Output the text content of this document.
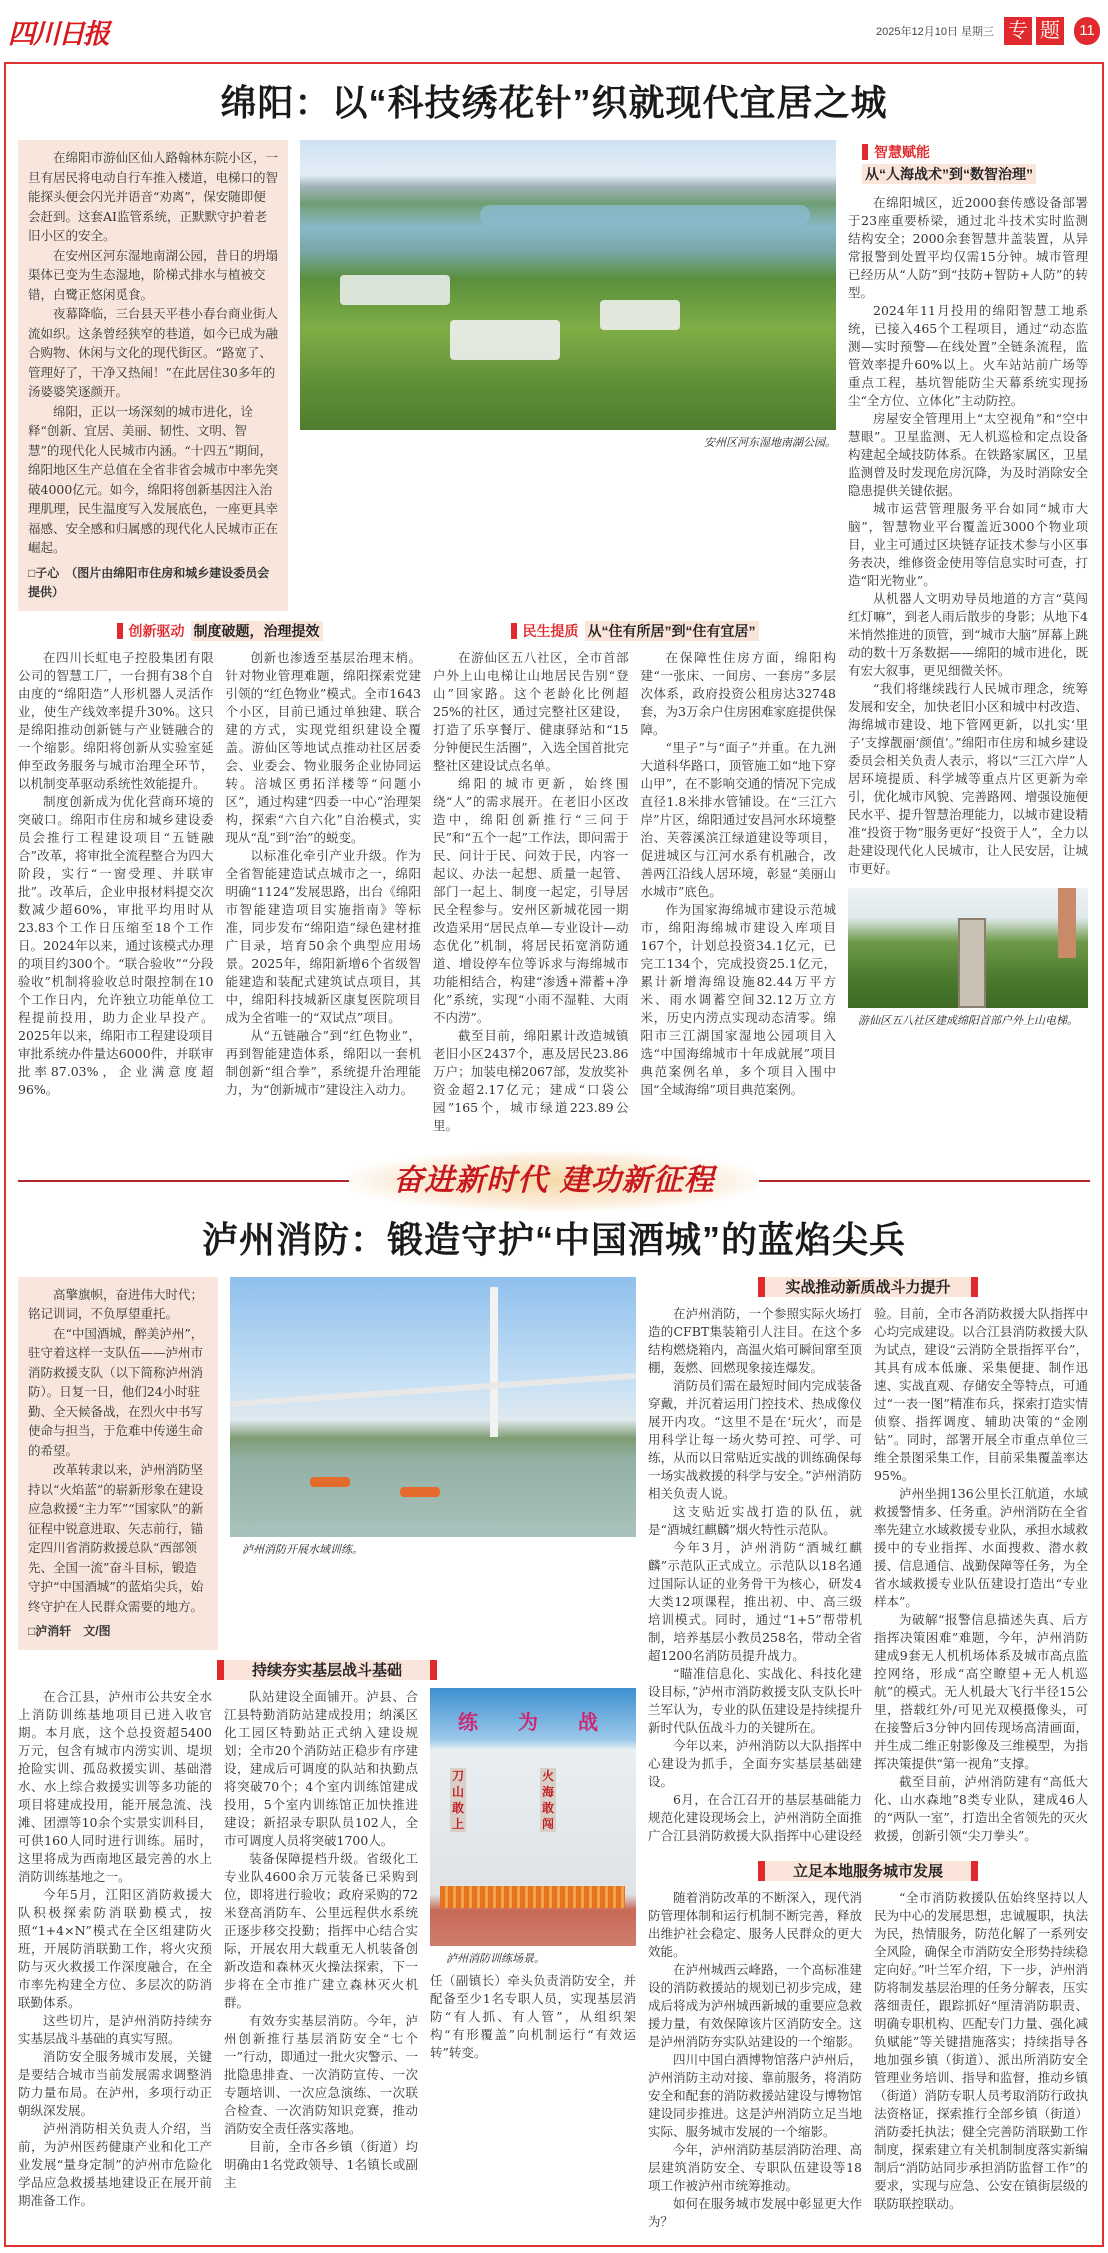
四川日报	2025年12月10日 星期三 专 题	11
绵阳：以“科技绣花针”织就现代宜居之城

在绵阳市游仙区仙人路翰林东院小区，一旦有居民将电动自行车推入楼道，电梯口的智能探头便会闪光并语音“劝离”，保安随即便会赶到。这套AI监管系统，正默默守护着老旧小区的安全。

在安州区河东湿地南湖公园，昔日的坍塌渠体已变为生态湿地，阶梯式排水与植被交错，白鹭正悠闲觅食。

夜幕降临，三台县天平巷小春台商业街人流如织。这条曾经狭窄的巷道，如今已成为融合购物、休闲与文化的现代街区。“路宽了、管理好了，干净又热闹！”在此居住30多年的汤婆婆笑逐颜开。

绵阳，正以一场深刻的城市进化，诠释“创新、宜居、美丽、韧性、文明、智慧”的现代化人民城市内涵。“十四五”期间，绵阳地区生产总值在全省非省会城市中率先突破4000亿元。如今，绵阳将创新基因注入治理肌理，民生温度写入发展底色，一座更具幸福感、安全感和归属感的现代化人民城市正在崛起。

□子心　（图片由绵阳市住房和城乡建设委员会提供）

安州区河东湿地南湖公园。
创新驱动 制度破题，治理提效

在四川长虹电子控股集团有限公司的智慧工厂，一台拥有38个自由度的“绵阳造”人形机器人灵活作业，使生产线效率提升30%。这只是绵阳推动创新链与产业链融合的一个缩影。绵阳将创新从实验室延伸至政务服务与城市治理全环节，以机制变革驱动系统性效能提升。

制度创新成为优化营商环境的突破口。绵阳市住房和城乡建设委员会推行工程建设项目“五链融合”改革，将审批全流程整合为四大阶段，实行“一窗受理、并联审批”。改革后，企业申报材料提交次数减少超60%，审批平均用时从23.83个工作日压缩至18个工作日。2024年以来，通过该模式办理的项目约300个。“联合验收”“分段验收”机制将验收总时限控制在10个工作日内，允许独立功能单位工程提前投用，助力企业早投产。2025年以来，绵阳市工程建设项目审批系统办件量达6000件，并联审批率87.03%，企业满意度超96%。

创新也渗透至基层治理末梢。针对物业管理难题，绵阳探索党建引领的“红色物业”模式。全市1643个小区，目前已通过单独建、联合建的方式，实现党组织建设全覆盖。游仙区等地试点推动社区居委会、业委会、物业服务企业协同运转。涪城区勇拓洋楼等“问题小区”，通过构建“四委一中心”治理架构，探索“六自六化”自治模式，实现从“乱”到“治”的蜕变。

以标准化牵引产业升级。作为全省智能建造试点城市之一，绵阳明确“1124”发展思路，出台《绵阳市智能建造项目实施指南》等标准，同步发布“绵阳造”绿色建材推广目录，培育50余个典型应用场景。2025年，绵阳新增6个省级智能建造和装配式建筑试点项目，其中，绵阳科技城新区康复医院项目成为全省唯一的“双试点”项目。

从“五链融合”到“红色物业”，再到智能建造体系，绵阳以一套机制创新“组合拳”，系统提升治理能力，为“创新城市”建设注入动力。

民生提质 从“住有所居”到“住有宜居”

在游仙区五八社区，全市首部户外上山电梯让山地居民告别“登山”回家路。这个老龄化比例超25%的社区，通过完整社区建设，打造了乐享餐厅、健康驿站和“15分钟便民生活圈”，入选全国首批完整社区建设试点名单。

绵阳的城市更新，始终围绕“人”的需求展开。在老旧小区改造中，绵阳创新推行“三问于民”和“五个一起”工作法，即问需于民、问计于民、问效于民，内容一起议、办法一起想、质量一起管、部门一起上、制度一起定，引导居民全程参与。安州区新城花园一期改造采用“居民点单—专业设计—动态优化”机制，将居民拓宽消防通道、增设停车位等诉求与海绵城市功能相结合，构建“渗透+滞蓄+净化”系统，实现“小雨不湿鞋、大雨不内涝”。

截至目前，绵阳累计改造城镇老旧小区2437个，惠及居民23.86万户；加装电梯2067部，发放奖补资金超2.17亿元；建成“口袋公园”165个，城市绿道223.89公里。

在保障性住房方面，绵阳构建“一张床、一间房、一套房”多层次体系，政府投资公租房达32748套，为3万余户住房困难家庭提供保障。

“里子”与“面子”并重。在九洲大道科华路口，顶管施工如“地下穿山甲”，在不影响交通的情况下完成直径1.8米排水管铺设。在“三江六岸”片区，绵阳通过安昌河水环境整治、芙蓉溪滨江绿道建设等项目，促进城区与江河水系有机融合，改善两江沿线人居环境，彰显“美丽山水城市”底色。

作为国家海绵城市建设示范城市，绵阳海绵城市建设入库项目167个，计划总投资34.1亿元，已完工134个，完成投资25.1亿元，累计新增海绵设施82.44万平方米、雨水调蓄空间32.12万立方米，历史内涝点实现动态清零。绵阳市三江湖国家湿地公园项目入选“中国海绵城市十年成就展”项目典范案例名单，多个项目入围中国“全域海绵”项目典范案例。

智慧赋能
从“人海战术”到“数智治理”

在绵阳城区，近2000套传感设备部署于23座重要桥梁，通过北斗技术实时监测结构安全；2000余套智慧井盖装置，从异常报警到处置平均仅需15分钟。城市管理已经历从“人防”到“技防+智防+人防”的转型。

2024年11月投用的绵阳智慧工地系统，已接入465个工程项目，通过“动态监测—实时预警—在线处置”全链条流程，监管效率提升60%以上。火车站站前广场等重点工程，基坑智能防尘天幕系统实现扬尘“全方位、立体化”主动防控。

房屋安全管理用上“太空视角”和“空中慧眼”。卫星监测、无人机巡检和定点设备构建起全域技防体系。在铁路家属区，卫星监测曾及时发现危房沉降，为及时消除安全隐患提供关键依据。

城市运营管理服务平台如同“城市大脑”，智慧物业平台覆盖近3000个物业项目，业主可通过区块链存证技术参与小区事务表决，维修资金使用等信息实时可查，打造“阳光物业”。

从机器人文明劝导员地道的方言“莫闯红灯嘛”，到老人雨后散步的身影；从地下4米悄然推进的顶管，到“城市大脑”屏幕上跳动的数十万条数据——绵阳的城市进化，既有宏大叙事，更见细微关怀。

“我们将继续践行人民城市理念，统筹发展和安全，加快老旧小区和城中村改造、海绵城市建设、地下管网更新，以扎实‘里子’支撑靓丽‘颜值’。”绵阳市住房和城乡建设委员会相关负责人表示，将以“三江六岸”人居环境提质、科学城等重点片区更新为牵引，优化城市风貌、完善路网、增强设施便民水平、提升智慧治理能力，以城市建设精准“投资于物”服务更好“投资于人”，全力以赴建设现代化人民城市，让人民安居，让城市更好。

游仙区五八社区建成绵阳首部户外上山电梯。
奋进新时代 建功新征程
泸州消防：锻造守护“中国酒城”的蓝焰尖兵

高擎旗帜，奋进伟大时代；铭记训词，不负厚望重托。

在“中国酒城，醉美泸州”，驻守着这样一支队伍——泸州市消防救援支队（以下简称泸州消防）。日复一日，他们24小时驻勤、全天候备战，在烈火中书写使命与担当，于危难中传递生命的希望。

改革转隶以来，泸州消防坚持以“火焰蓝”的崭新形象在建设应急救援“主力军”“国家队”的新征程中锐意进取、矢志前行，锚定四川省消防救援总队“西部领先、全国一流”奋斗目标，锻造守护“中国酒城”的蓝焰尖兵，始终守护在人民群众需要的地方。

□泸消轩　文/图

泸州消防开展水域训练。
持续夯实基层战斗基础

在合江县，泸州市公共安全水上消防训练基地项目已进入收官期。本月底，这个总投资超5400万元，包含有城市内涝实训、堤坝抢险实训、孤岛救援实训、基础潜水、水上综合救援实训等多功能的项目将建成投用，能开展急流、浅滩、团漂等10余个实景实训科目，可供160人同时进行训练。届时，这里将成为西南地区最完善的水上消防训练基地之一。

今年5月，江阳区消防救援大队积极探索防消联勤模式，按照“1+4×N”模式在全区组建防火班，开展防消联勤工作，将火灾预防与灭火救援工作深度融合，在全市率先构建全方位、多层次的防消联勤体系。

这些切片，是泸州消防持续夯实基层战斗基础的真实写照。

消防安全服务城市发展，关键是要结合城市当前发展需求调整消防力量布局。在泸州，多项行动正朝纵深发展。

泸州消防相关负责人介绍，当前，为泸州医药健康产业和化工产业发展“量身定制”的泸州市危险化学品应急救援基地建设正在展开前期准备工作。

队站建设全面铺开。泸县、合江县特勤消防站建成投用；纳溪区化工园区特勤站正式纳入建设规划；全市20个消防站正稳步有序建设，建成后可调度的队站和执勤点将突破70个；4个室内训练馆建成投用，5个室内训练馆正加快推进建设；新招录专职队员102人，全市可调度人员将突破1700人。

装备保障提档升级。省级化工专业队4600余万元装备已采购到位，即将进行验收；政府采购的72米登高消防车、公里远程供水系统正逐步移交投勤；指挥中心结合实际，开展农用大载重无人机装备创新改造和森林灭火操法探索，下一步将在全市推广建立森林灭火机群。

有效夯实基层消防。今年，泸州创新推行基层消防安全“七个一”行动，即通过一批火灾警示、一批隐患排查、一次消防宣传、一次专题培训、一次应急演练、一次联合检查、一次消防知识竞赛，推动消防安全责任落实落地。

目前，全市各乡镇（街道）均明确由1名党政领导、1名镇长或副主

练 为 战
刀山敢上
火海敢闯
泸州消防训练场景。
任（副镇长）牵头负责消防安全，并配备至少1名专职人员，实现基层消防“有人抓、有人管”，从组织架构“有形覆盖”向机制运行“有效运转”转变。
实战推动新质战斗力提升

在泸州消防，一个参照实际火场打造的CFBT集装箱引人注目。在这个多结构燃烧箱内，高温火焰可瞬间窜至顶棚，轰燃、回燃现象接连爆发。

消防员们需在最短时间内完成装备穿戴，并沉着运用门控技术、热成像仪展开内攻。“这里不是在‘玩火’，而是用科学让每一场火势可控、可学、可练，从而以日常贴近实战的训练确保每一场实战救援的科学与安全。”泸州消防相关负责人说。

这支贴近实战打造的队伍，就是“酒城红麒麟”烟火特性示范队。

今年3月，泸州消防“酒城红麒麟”示范队正式成立。示范队以18名通过国际认证的业务骨干为核心，研发4大类12项课程，推出初、中、高三级培训模式。同时，通过“1+5”帮带机制，培养基层小教员258名，带动全省超1200名消防员提升战力。

“瞄准信息化、实战化、科技化建设目标，”泸州市消防救援支队支队长叶兰军认为，专业的队伍建设是持续提升新时代队伍战斗力的关键所在。

今年以来，泸州消防以大队指挥中心建设为抓手，全面夯实基层基础建设。

6月，在合江召开的基层基础能力规范化建设现场会上，泸州消防全面推广合江县消防救援大队指挥中心建设经验。目前，全市各消防救援大队指挥中心均完成建设。以合江县消防救援大队为试点，建设“云消防全景指挥平台”，其具有成本低廉、采集便捷、制作迅速、实战直观、存储安全等特点，可通过“一表一图”精准布兵，探索打造实情侦察、指挥调度、辅助决策的“金刚钻”。同时，部署开展全市重点单位三维全景图采集工作，目前采集覆盖率达95%。

泸州坐拥136公里长江航道，水域救援警情多、任务重。泸州消防在全省率先建立水域救援专业队，承担水域救援中的专业指挥、水面搜救、潜水救援、信息通信、战勤保障等任务，为全省水域救援专业队伍建设打造出“专业样本”。

为破解“报警信息描述失真、后方指挥决策困难”难题，今年，泸州消防建成9套无人机机场体系及城市高点监控网络，形成“高空瞭望+无人机巡航”的模式。无人机最大飞行半径15公里，搭载红外/可见光双模摄像头，可在接警后3分钟内回传现场高清画面，并生成二维正射影像及三维模型，为指挥决策提供“第一视角”支撑。

截至目前，泸州消防建有“高低大化、山水森地”8类专业队，建成46人的“两队一室”，打造出全省领先的灭火救援，创新引领“尖刀拳头”。

立足本地服务城市发展

随着消防改革的不断深入，现代消防管理体制和运行机制不断完善，释放出维护社会稳定、服务人民群众的更大效能。

在泸州城西云峰路，一个高标准建设的消防救援站的规划已初步完成，建成后将成为泸州城西新城的重要应急救援力量，有效保障该片区消防安全。这是泸州消防夯实队站建设的一个缩影。

四川中国白酒博物馆落户泸州后，泸州消防主动对接、靠前服务，将消防安全和配套的消防救援站建设与博物馆建设同步推进。这是泸州消防立足当地实际、服务城市发展的一个缩影。

今年，泸州消防基层消防治理、高层建筑消防安全、专职队伍建设等18项工作被泸州市统筹推动。

如何在服务城市发展中彰显更大作为？

“全市消防救援队伍始终坚持以人民为中心的发展思想，忠诚履职，执法为民，热情服务，防范化解了一系列安全风险，确保全市消防安全形势持续稳定向好。”叶兰军介绍，下一步，泸州消防将制发基层治理的任务分解表，压实落细责任，跟踪抓好“厘清消防职责、明确专职机构、匹配专门力量、强化减负赋能”等关键措施落实；持续指导各地加强乡镇（街道）、派出所消防安全管理业务培训、指导和监督，推动乡镇（街道）消防专职人员考取消防行政执法资格证，探索推行全部乡镇（街道）消防委托执法；健全完善防消联勤工作制度，探索建立有关机制制度落实新编制后“消防站同步承担消防监督工作”的要求，实现与应急、公安在镇街层级的联防联控联动。
